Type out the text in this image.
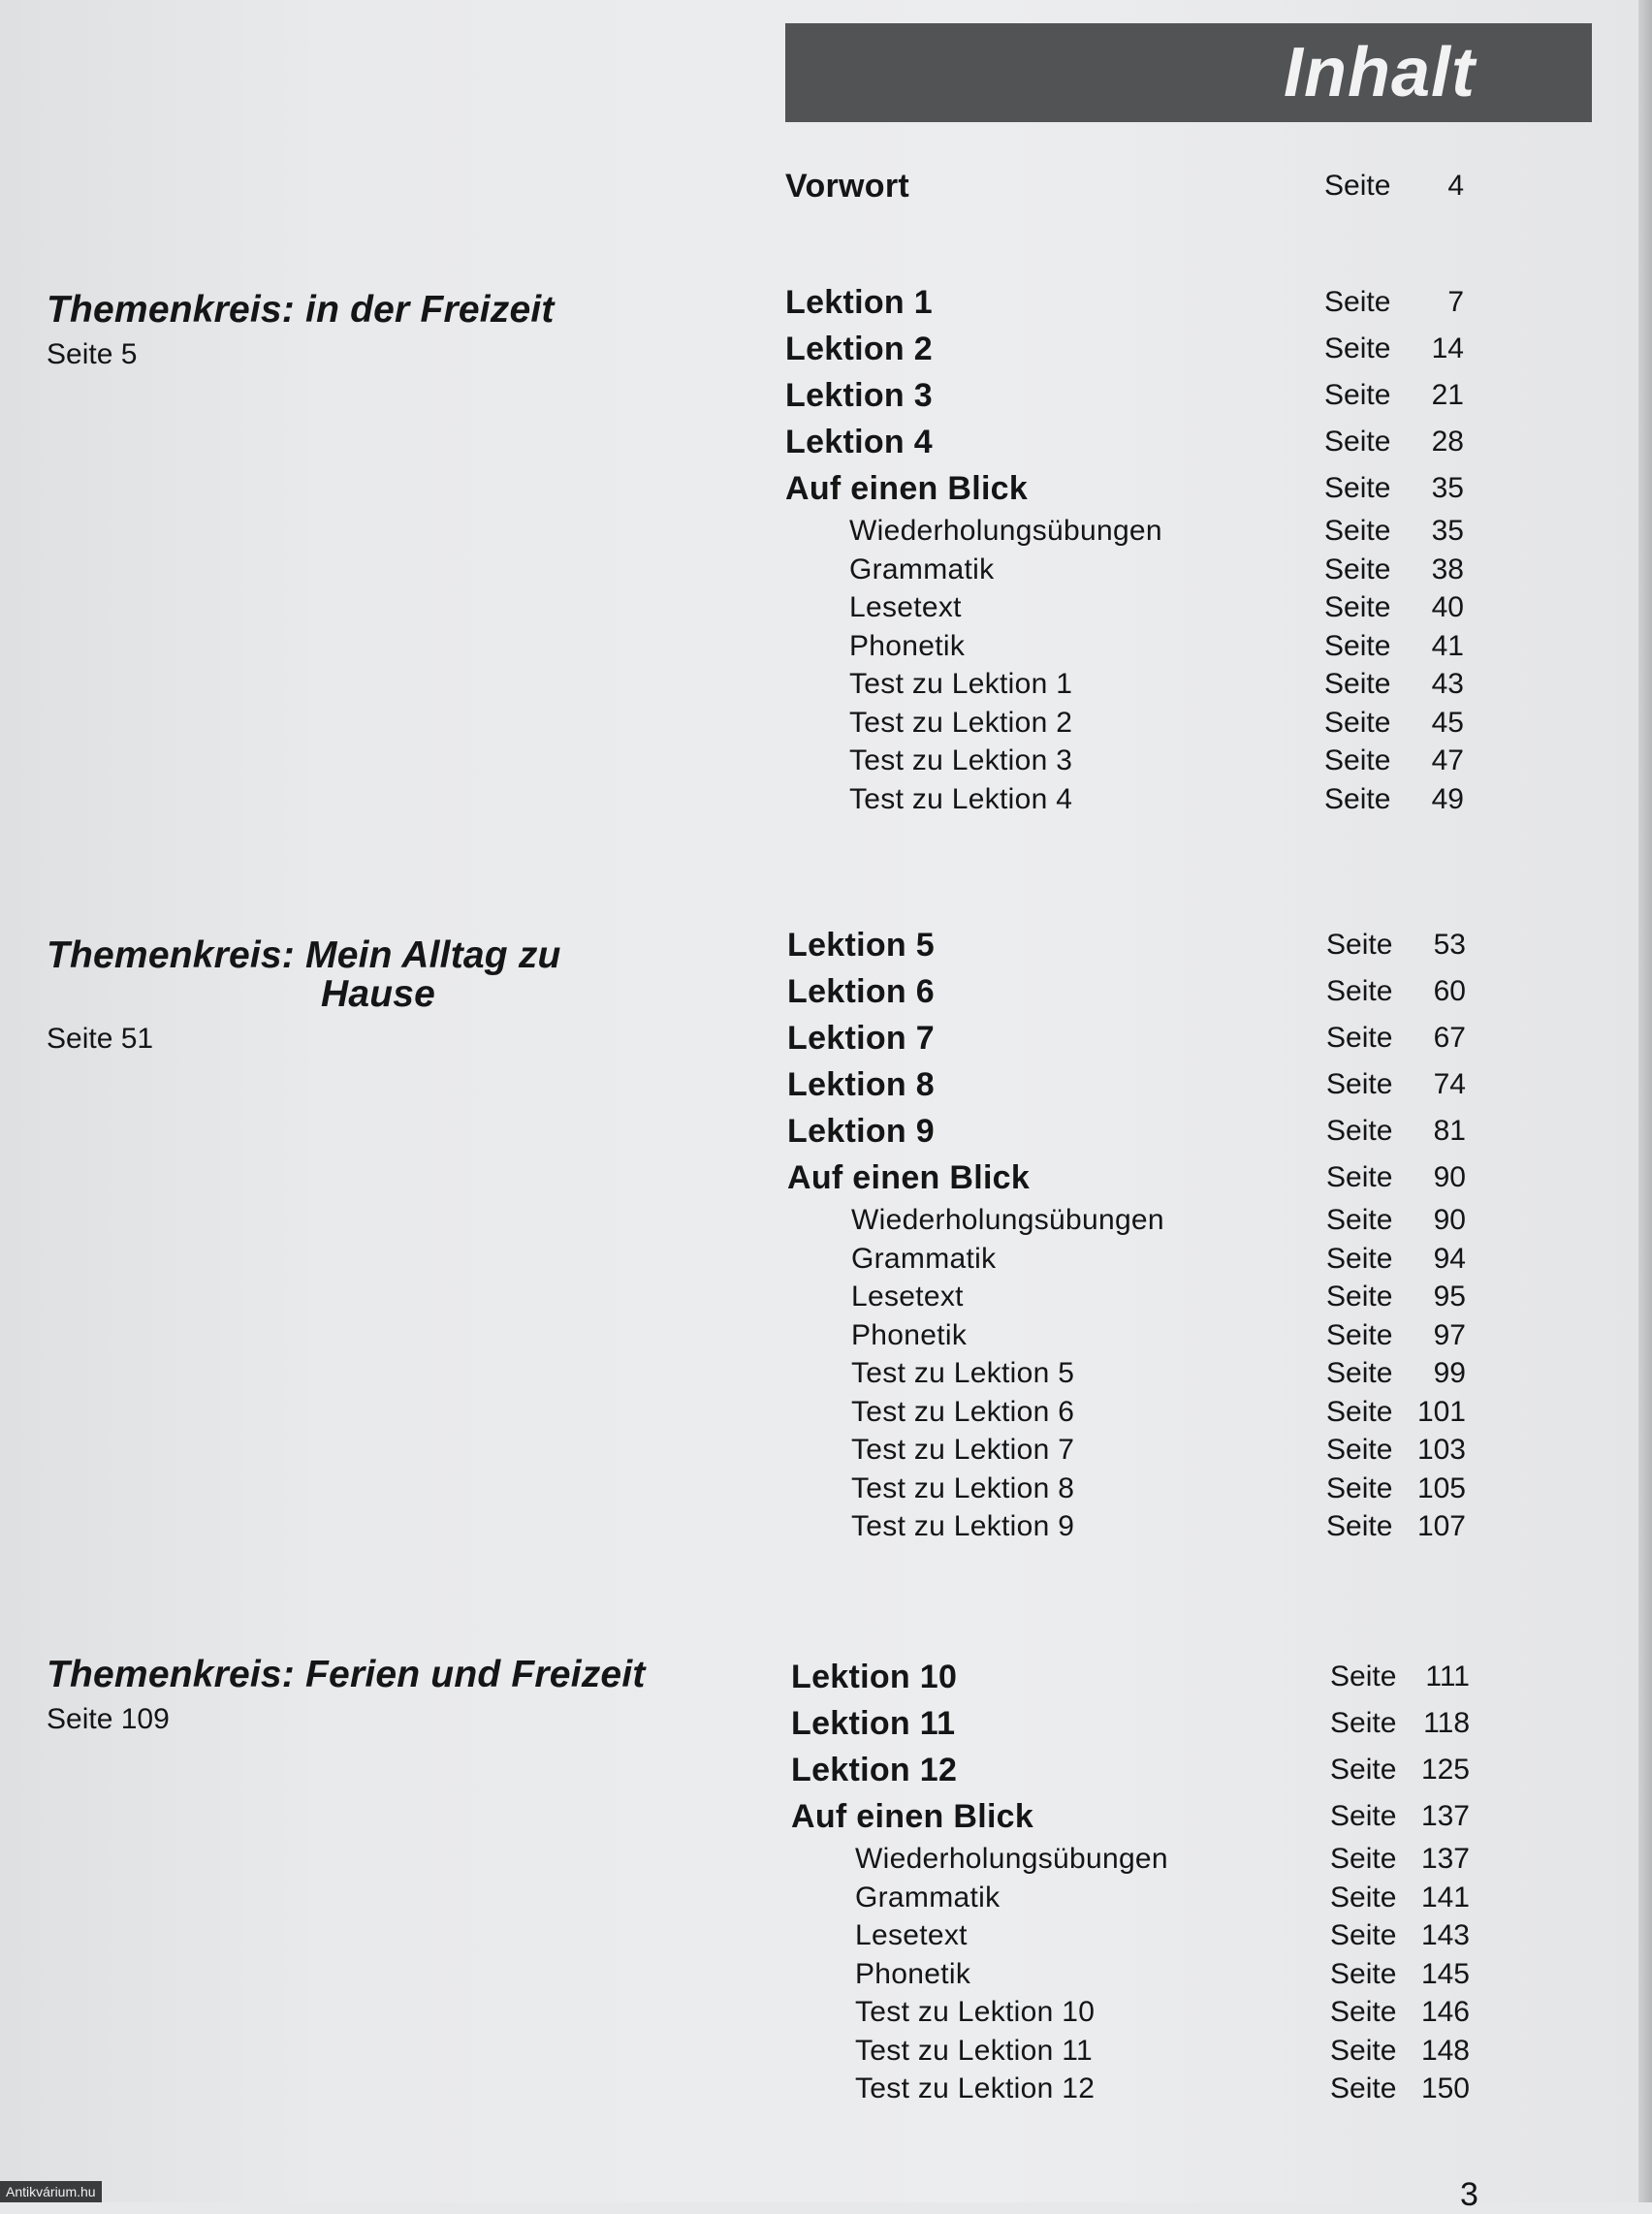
Inhalt
Vorwort	Seite 4
Themenkreis: in der Freizeit
Seite 5
Themenkreis: Mein Alltag zu
Hause
Seite 51
Themenkreis: Ferien und Freizeit
Seite 109
Lektion 1	Seite 7
Lektion 2	Seite 14
Lektion 3	Seite 21
Lektion 4	Seite 28
Auf einen Blick	Seite 35
Wiederholungsübungen	Seite 35
Grammatik	Seite 38
Lesetext	Seite 40
Phonetik	Seite 41
Test zu Lektion 1	Seite 43
Test zu Lektion 2	Seite 45
Test zu Lektion 3	Seite 47
Test zu Lektion 4	Seite 49
Lektion 5	Seite 53
Lektion 6	Seite 60
Lektion 7	Seite 67
Lektion 8	Seite 74
Lektion 9	Seite 81
Auf einen Blick	Seite 90
Wiederholungsübungen	Seite 90
Grammatik	Seite 94
Lesetext	Seite 95
Phonetik	Seite 97
Test zu Lektion 5	Seite 99
Test zu Lektion 6	Seite 101
Test zu Lektion 7	Seite 103
Test zu Lektion 8	Seite 105
Test zu Lektion 9	Seite 107
Lektion 10	Seite 111
Lektion 11	Seite 118
Lektion 12	Seite 125
Auf einen Blick	Seite 137
Wiederholungsübungen	Seite 137
Grammatik	Seite 141
Lesetext	Seite 143
Phonetik	Seite 145
Test zu Lektion 10	Seite 146
Test zu Lektion 11	Seite 148
Test zu Lektion 12	Seite 150
Antikvárium.hu	3
